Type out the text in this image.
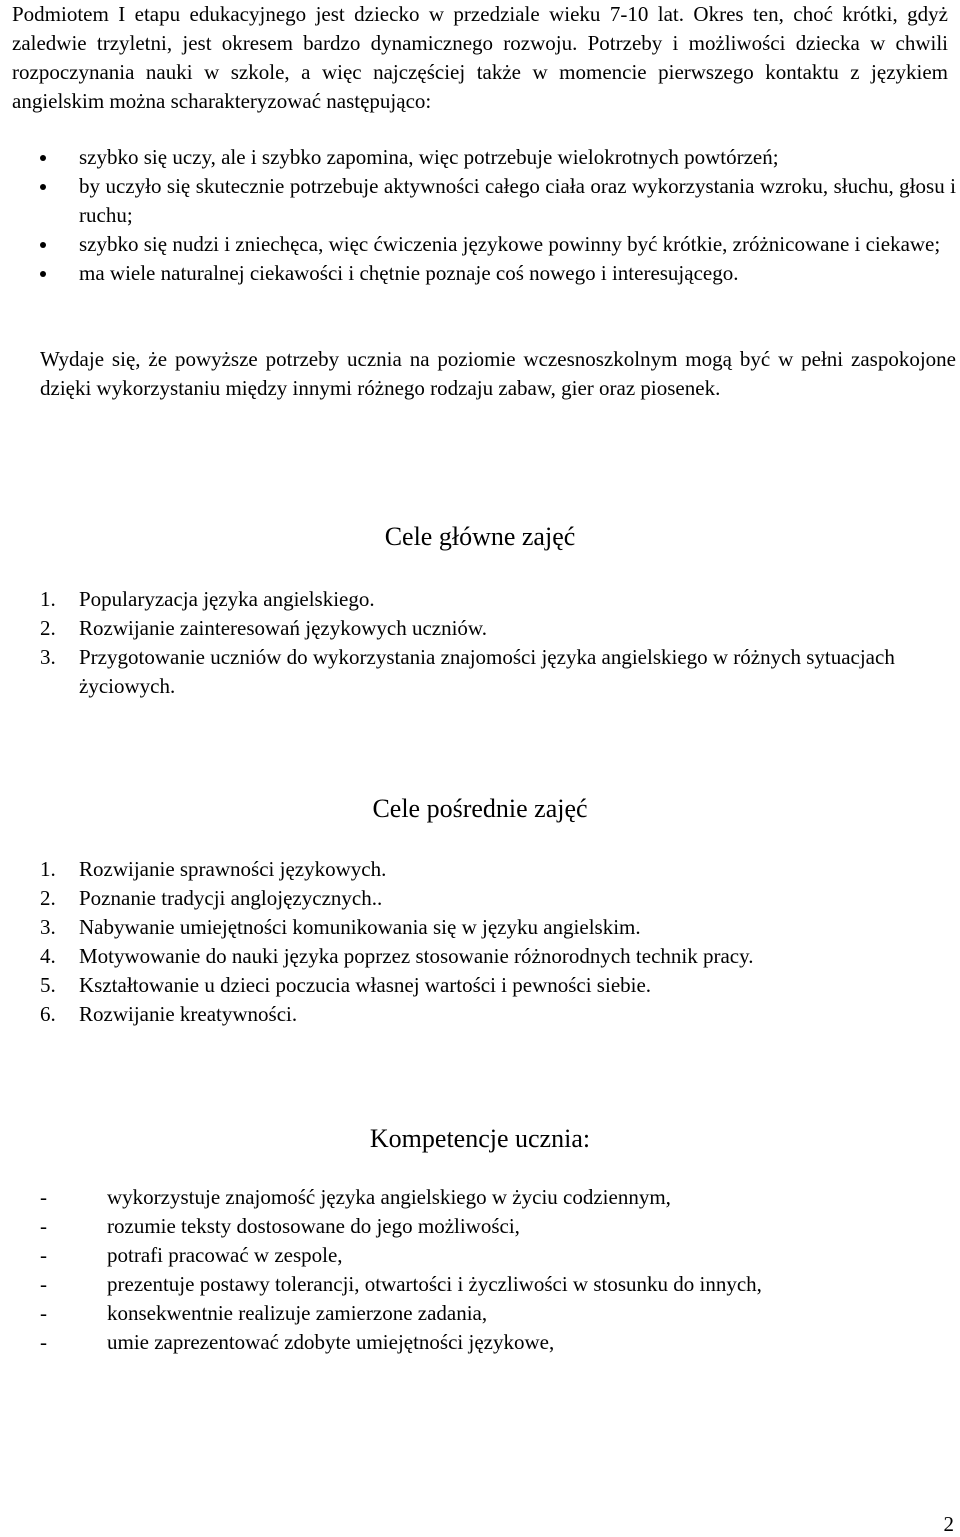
Podmiotem I etapu edukacyjnego jest dziecko w przedziale wieku 7-10 lat. Okres ten, choć krótki, gdyż zaledwie trzyletni, jest okresem bardzo dynamicznego rozwoju. Potrzeby i możliwości dziecka w chwili rozpoczynania nauki w szkole, a więc najczęściej także w momencie pierwszego kontaktu z językiem angielskim można scharakteryzować następująco:

szybko się uczy, ale i szybko zapomina, więc potrzebuje wielokrotnych powtórzeń;
by uczyło się skutecznie potrzebuje aktywności całego ciała oraz wykorzystania wzroku, słuchu, głosu i ruchu;
szybko się nudzi i zniechęca, więc ćwiczenia językowe powinny być krótkie, zróżnicowane i ciekawe;
ma wiele naturalnej ciekawości i chętnie poznaje coś nowego i interesującego.

Wydaje się, że powyższe potrzeby ucznia na poziomie wczesnoszkolnym mogą być w pełni zaspokojone dzięki wykorzystaniu między innymi różnego rodzaju zabaw, gier oraz piosenek.

Cele główne zajęć
1.	Popularyzacja języka angielskiego.
2.	Rozwijanie zainteresowań językowych uczniów.
3.	Przygotowanie uczniów do wykorzystania znajomości języka angielskiego w różnych sytuacjach życiowych.
Cele pośrednie zajęć
1.	Rozwijanie sprawności językowych.
2.	Poznanie tradycji anglojęzycznych..
3.	Nabywanie umiejętności komunikowania się w języku angielskim.
4.	Motywowanie do nauki języka poprzez stosowanie różnorodnych technik pracy.
5.	Kształtowanie u dzieci poczucia własnej wartości i pewności siebie.
6.	Rozwijanie kreatywności.
Kompetencje ucznia:
-	wykorzystuje znajomość języka angielskiego w życiu codziennym,
-	rozumie teksty dostosowane do jego możliwości,
-	potrafi pracować w zespole,
-	prezentuje postawy tolerancji, otwartości i życzliwości w stosunku do innych,
-	konsekwentnie realizuje zamierzone zadania,
-	umie zaprezentować zdobyte umiejętności językowe,
2
